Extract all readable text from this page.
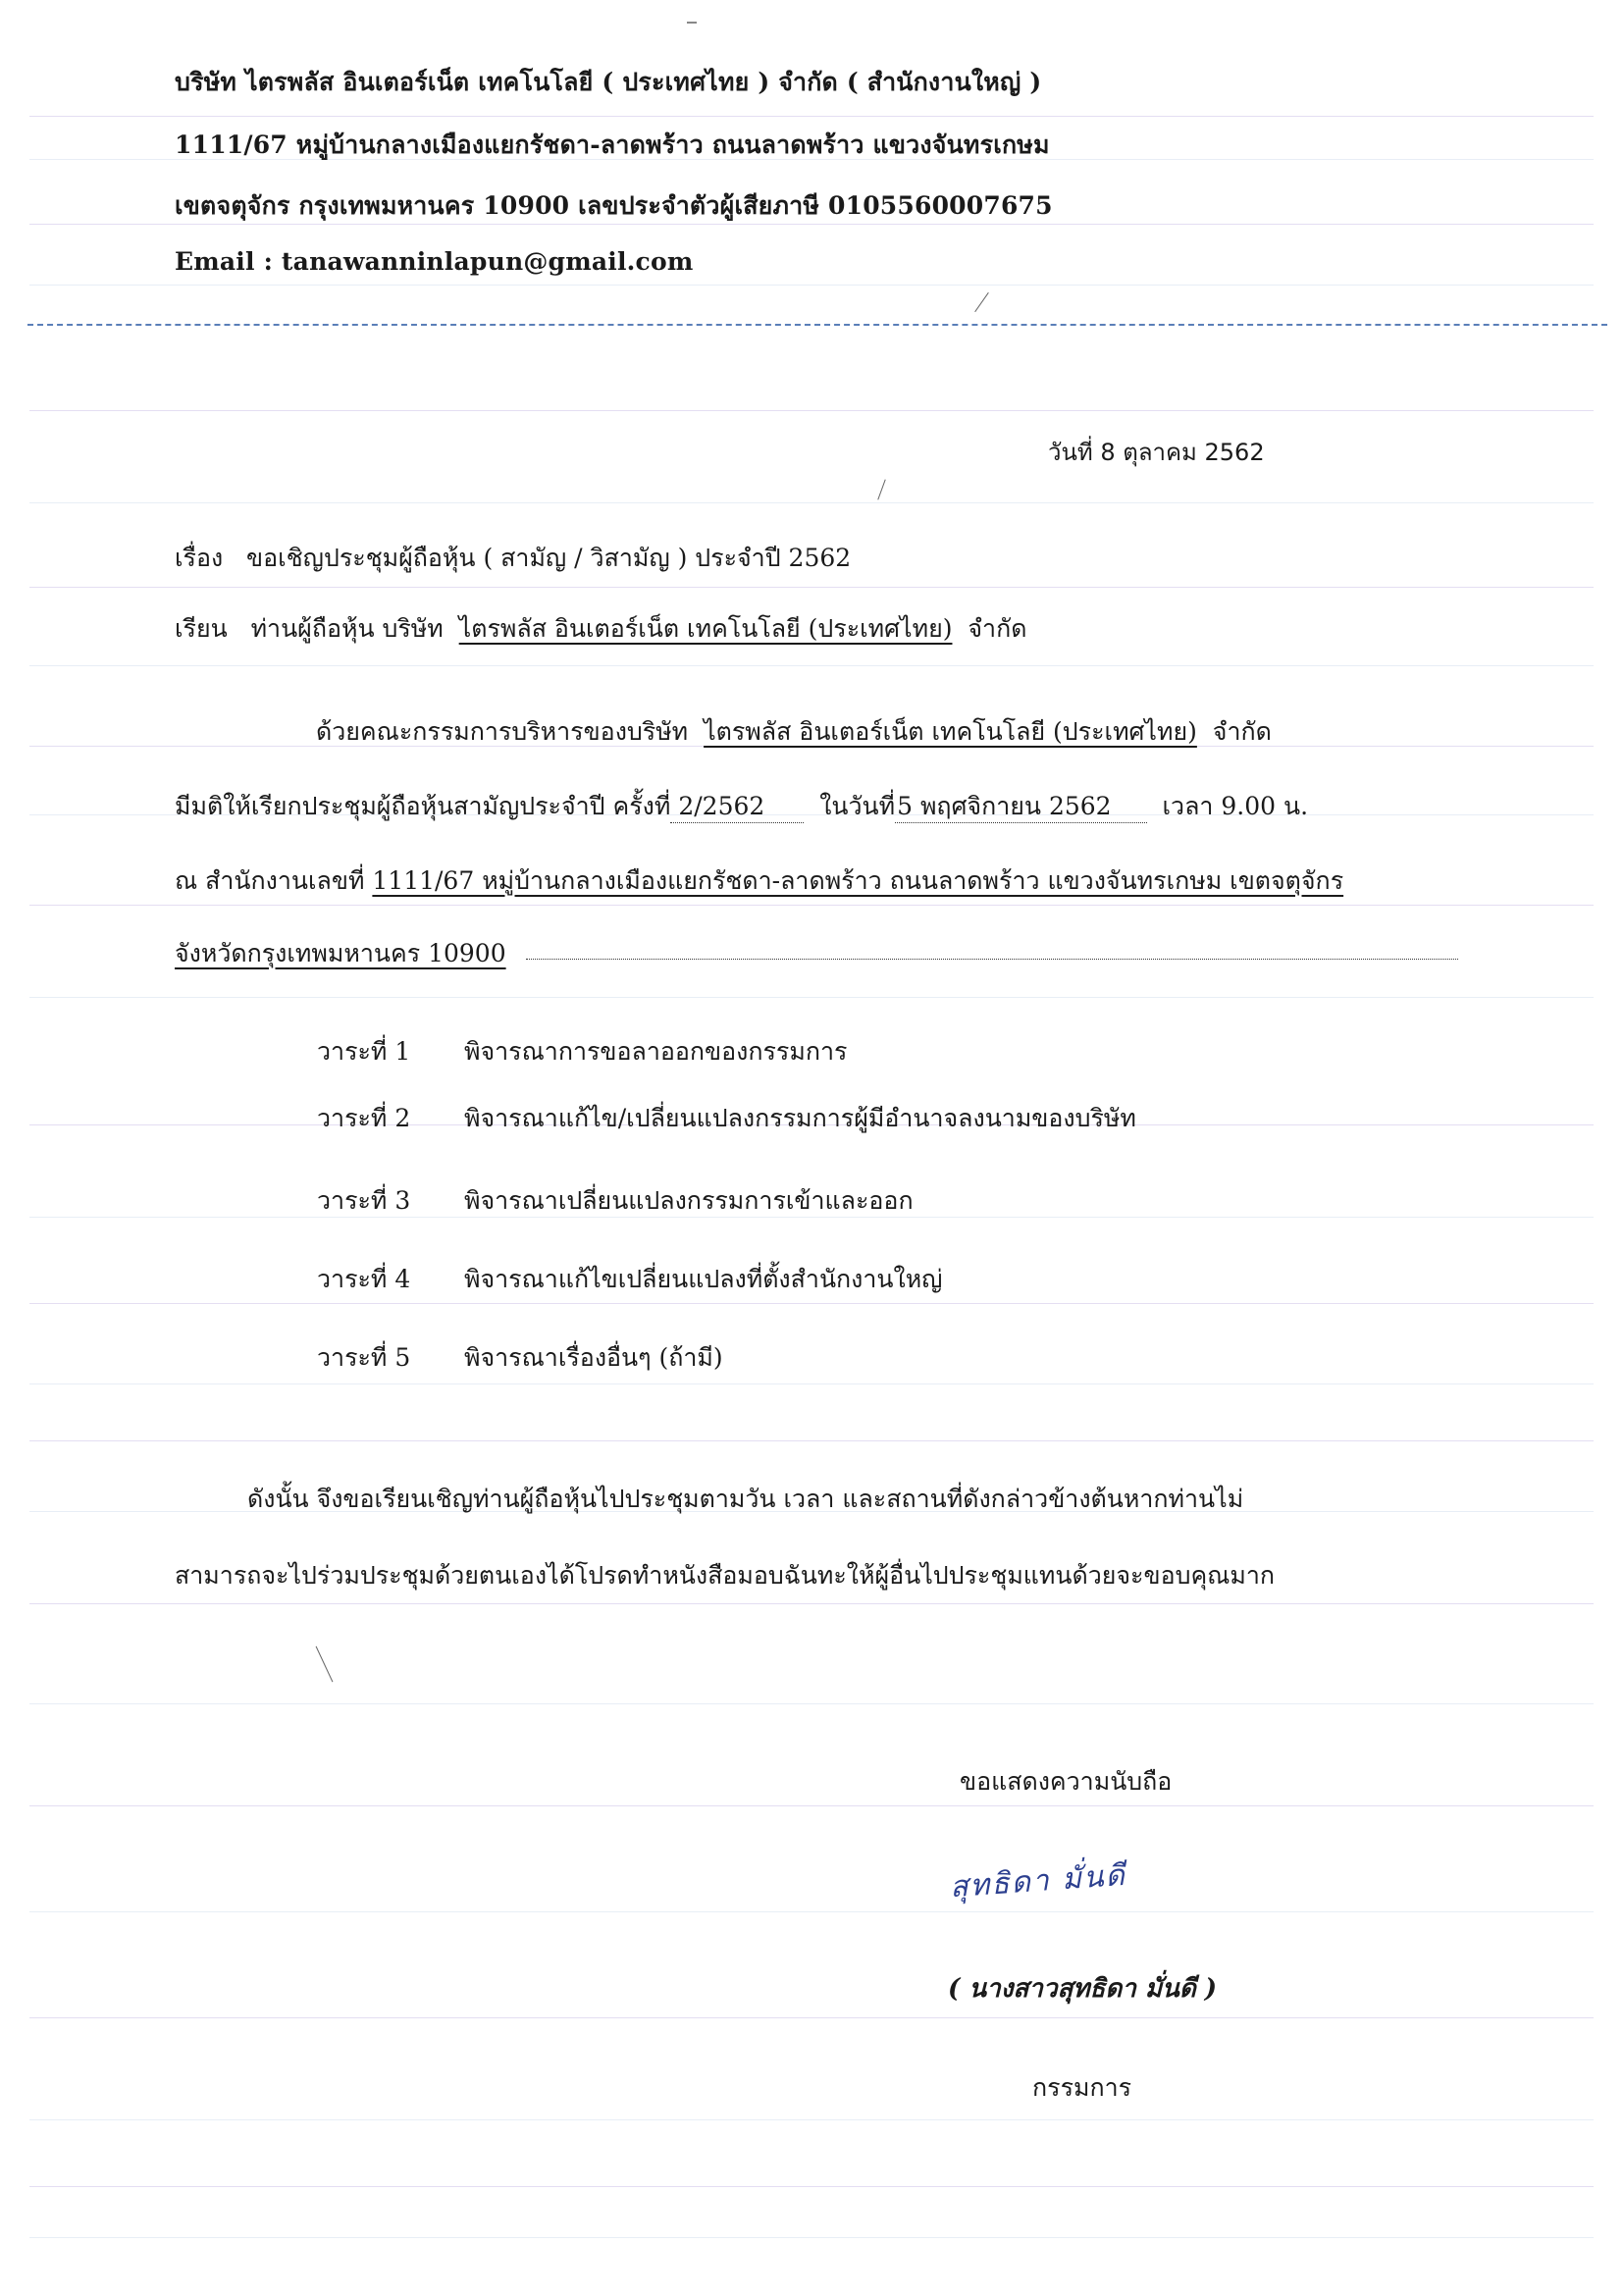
บริษัท ไตรพลัส อินเตอร์เน็ต เทคโนโลยี ( ประเทศไทย ) จำกัด ( สำนักงานใหญ่ )
1111/67 หมู่บ้านกลางเมืองแยกรัชดา-ลาดพร้าว ถนนลาดพร้าว แขวงจันทรเกษม
เขตจตุจักร กรุงเทพมหานคร 10900 เลขประจำตัวผู้เสียภาษี 0105560007675
Email : tanawanninlapun@gmail.com
วันที่ 8 ตุลาคม 2562
เรื่อง ขอเชิญประชุมผู้ถือหุ้น ( สามัญ / วิสามัญ ) ประจำปี 2562
เรียน ท่านผู้ถือหุ้น บริษัท ไตรพลัส อินเตอร์เน็ต เทคโนโลยี (ประเทศไทย) จำกัด
ด้วยคณะกรรมการบริหารของบริษัท ไตรพลัส อินเตอร์เน็ต เทคโนโลยี (ประเทศไทย) จำกัด
มีมติให้เรียกประชุมผู้ถือหุ้นสามัญประจำปี ครั้งที่ 2/2562 ในวันที่5 พฤศจิกายน 2562 เวลา 9.00 น.
ณ สำนักงานเลขที่ 1111/67 หมู่บ้านกลางเมืองแยกรัชดา-ลาดพร้าว ถนนลาดพร้าว แขวงจันทรเกษม เขตจตุจักร
จังหวัดกรุงเทพมหานคร 10900
วาระที่ 1 พิจารณาการขอลาออกของกรรมการ
วาระที่ 2 พิจารณาแก้ไข/เปลี่ยนแปลงกรรมการผู้มีอำนาจลงนามของบริษัท
วาระที่ 3 พิจารณาเปลี่ยนแปลงกรรมการเข้าและออก
วาระที่ 4 พิจารณาแก้ไขเปลี่ยนแปลงที่ตั้งสำนักงานใหญ่
วาระที่ 5 พิจารณาเรื่องอื่นๆ (ถ้ามี)
ดังนั้น จึงขอเรียนเชิญท่านผู้ถือหุ้นไปประชุมตามวัน เวลา และสถานที่ดังกล่าวข้างต้นหากท่านไม่
สามารถจะไปร่วมประชุมด้วยตนเองได้โปรดทำหนังสือมอบฉันทะให้ผู้อื่นไปประชุมแทนด้วยจะขอบคุณมาก
ขอแสดงความนับถือ
สุทธิดา มั่นดี
( นางสาวสุทธิดา มั่นดี )
กรรมการ
